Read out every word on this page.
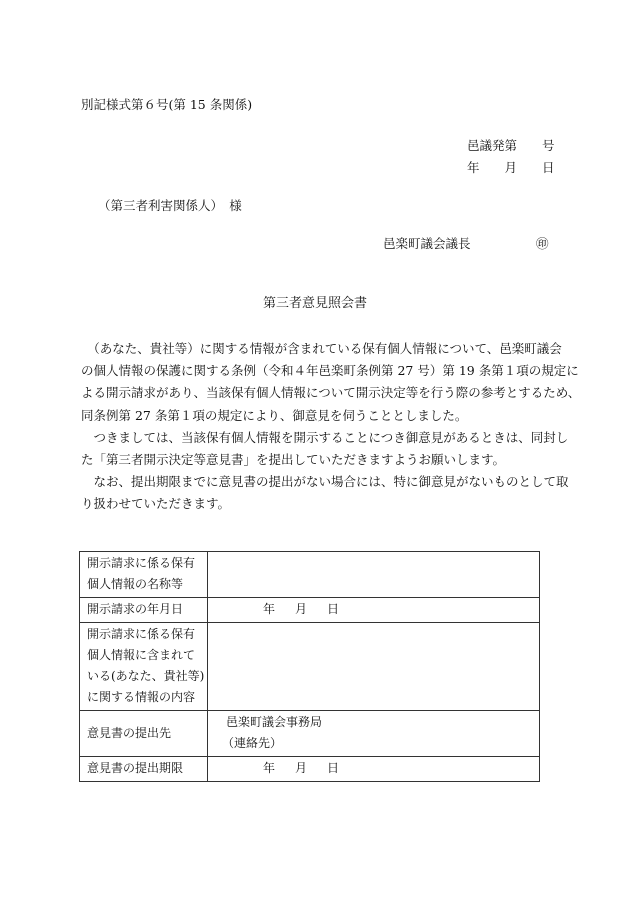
別記様式第６号(第 15 条関係)
邑議発第　　号
年　　月　　日
（第三者利害関係人）　様
邑楽町議会議長	㊞
第三者意見照会書
　（あなた、貴社等）に関する情報が含まれている保有個人情報について、邑楽町議会
の個人情報の保護に関する条例（令和４年邑楽町条例第 27 号）第 19 条第１項の規定に
よる開示請求があり、当該保有個人情報について開示決定等を行う際の参考とするため、
同条例第 27 条第１項の規定により、御意見を伺うこととしました。
　つきましては、当該保有個人情報を開示することにつき御意見があるときは、同封し
た「第三者開示決定等意見書」を提出していただきますようお願いします。
　なお、提出期限までに意見書の提出がない場合には、特に御意見がないものとして取
り扱わせていただきます。
開示請求に係る保有
個人情報の名称等	

開示請求の年月日	年 月 日

開示請求に係る保有
個人情報に含まれて
いる(あなた、貴社等)
に関する情報の内容	

意見書の提出先	邑楽町議会事務局
（連絡先）

意見書の提出期限	年 月 日
